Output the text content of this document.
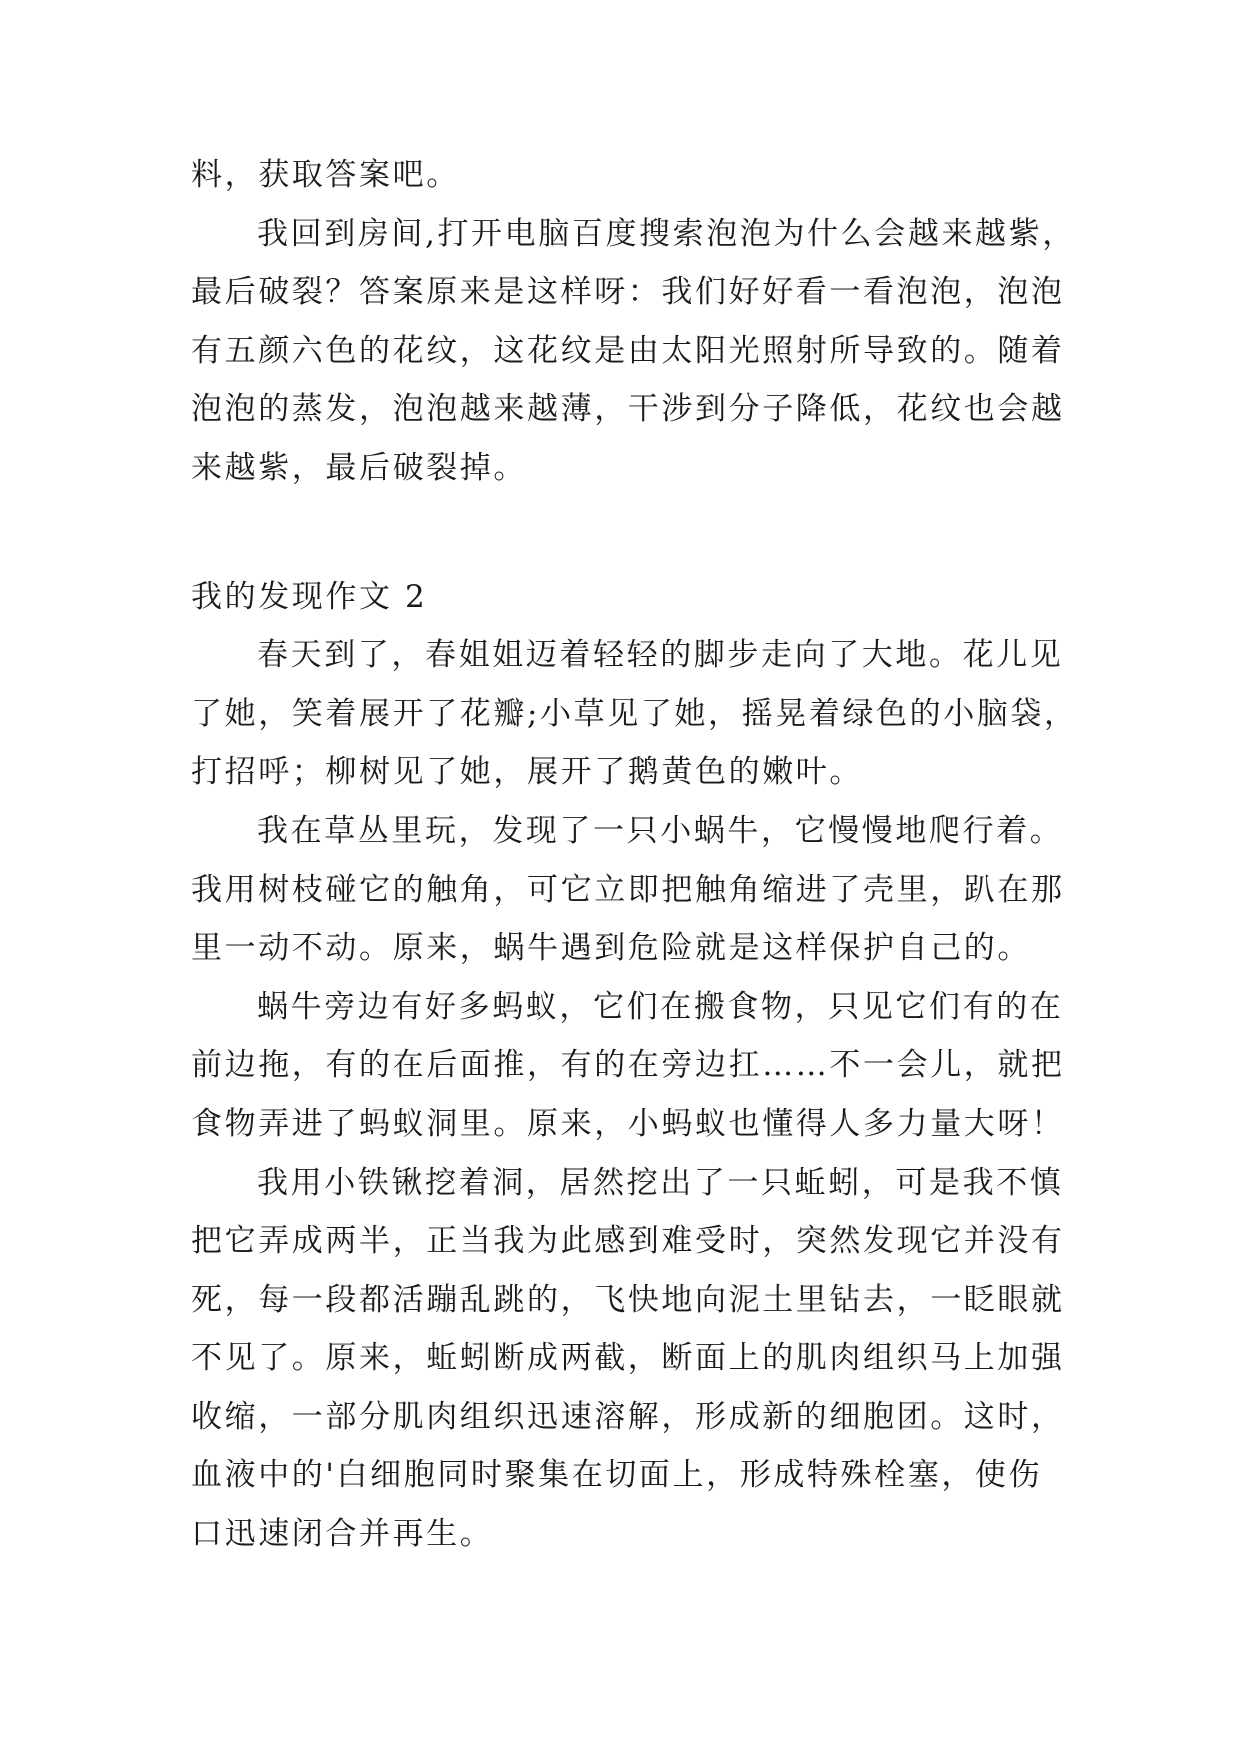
料，获取答案吧。
我回到房间,打开电脑百度搜索泡泡为什么会越来越紫，
最后破裂？答案原来是这样呀：我们好好看一看泡泡，泡泡
有五颜六色的花纹，这花纹是由太阳光照射所导致的。随着
泡泡的蒸发，泡泡越来越薄，干涉到分子降低，花纹也会越
来越紫，最后破裂掉。
我的发现作文 2
春天到了，春姐姐迈着轻轻的脚步走向了大地。花儿见
了她，笑着展开了花瓣;小草见了她，摇晃着绿色的小脑袋，
打招呼；柳树见了她，展开了鹅黄色的嫩叶。
我在草丛里玩，发现了一只小蜗牛，它慢慢地爬行着。
我用树枝碰它的触角，可它立即把触角缩进了壳里，趴在那
里一动不动。原来，蜗牛遇到危险就是这样保护自己的。
蜗牛旁边有好多蚂蚁，它们在搬食物，只见它们有的在
前边拖，有的在后面推，有的在旁边扛……不一会儿，就把
食物弄进了蚂蚁洞里。原来，小蚂蚁也懂得人多力量大呀！
我用小铁锹挖着洞，居然挖出了一只蚯蚓，可是我不慎
把它弄成两半，正当我为此感到难受时，突然发现它并没有
死，每一段都活蹦乱跳的，飞快地向泥土里钻去，一眨眼就
不见了。原来，蚯蚓断成两截，断面上的肌肉组织马上加强
收缩，一部分肌肉组织迅速溶解，形成新的细胞团。这时，
血液中的'白细胞同时聚集在切面上，形成特殊栓塞，使伤
口迅速闭合并再生。
